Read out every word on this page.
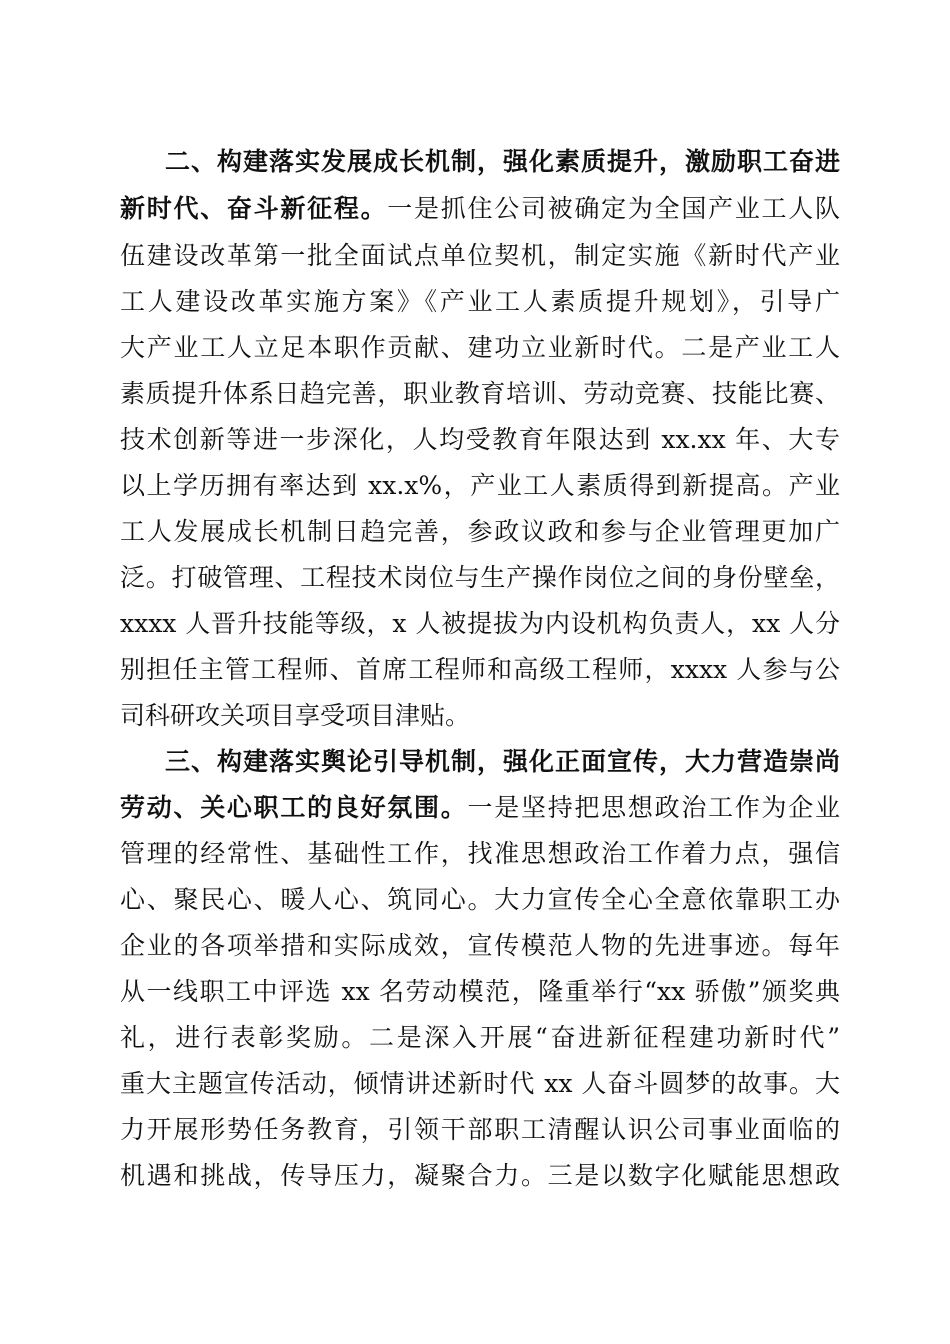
二、构建落实发展成长机制，强化素质提升，激励职工奋进
新时代、奋斗新征程。一是抓住公司被确定为全国产业工人队
伍建设改革第一批全面试点单位契机，制定实施《新时代产业
工人建设改革实施方案》《产业工人素质提升规划》，引导广
大产业工人立足本职作贡献、建功立业新时代。二是产业工人
素质提升体系日趋完善，职业教育培训、劳动竞赛、技能比赛、
技术创新等进一步深化，人均受教育年限达到 xx.xx 年、大专
以上学历拥有率达到 xx.x%，产业工人素质得到新提高。产业
工人发展成长机制日趋完善，参政议政和参与企业管理更加广
泛。打破管理、工程技术岗位与生产操作岗位之间的身份壁垒，
xxxx 人晋升技能等级，x 人被提拔为内设机构负责人，xx 人分
别担任主管工程师、首席工程师和高级工程师，xxxx 人参与公
司科研攻关项目享受项目津贴。
三、构建落实舆论引导机制，强化正面宣传，大力营造崇尚
劳动、关心职工的良好氛围。一是坚持把思想政治工作为企业
管理的经常性、基础性工作，找准思想政治工作着力点，强信
心、聚民心、暖人心、筑同心。大力宣传全心全意依靠职工办
企业的各项举措和实际成效，宣传模范人物的先进事迹。每年
从一线职工中评选 xx 名劳动模范，隆重举行“xx 骄傲”颁奖典
礼，进行表彰奖励。二是深入开展“奋进新征程建功新时代”
重大主题宣传活动，倾情讲述新时代 xx 人奋斗圆梦的故事。大
力开展形势任务教育，引领干部职工清醒认识公司事业面临的
机遇和挑战，传导压力，凝聚合力。三是以数字化赋能思想政
